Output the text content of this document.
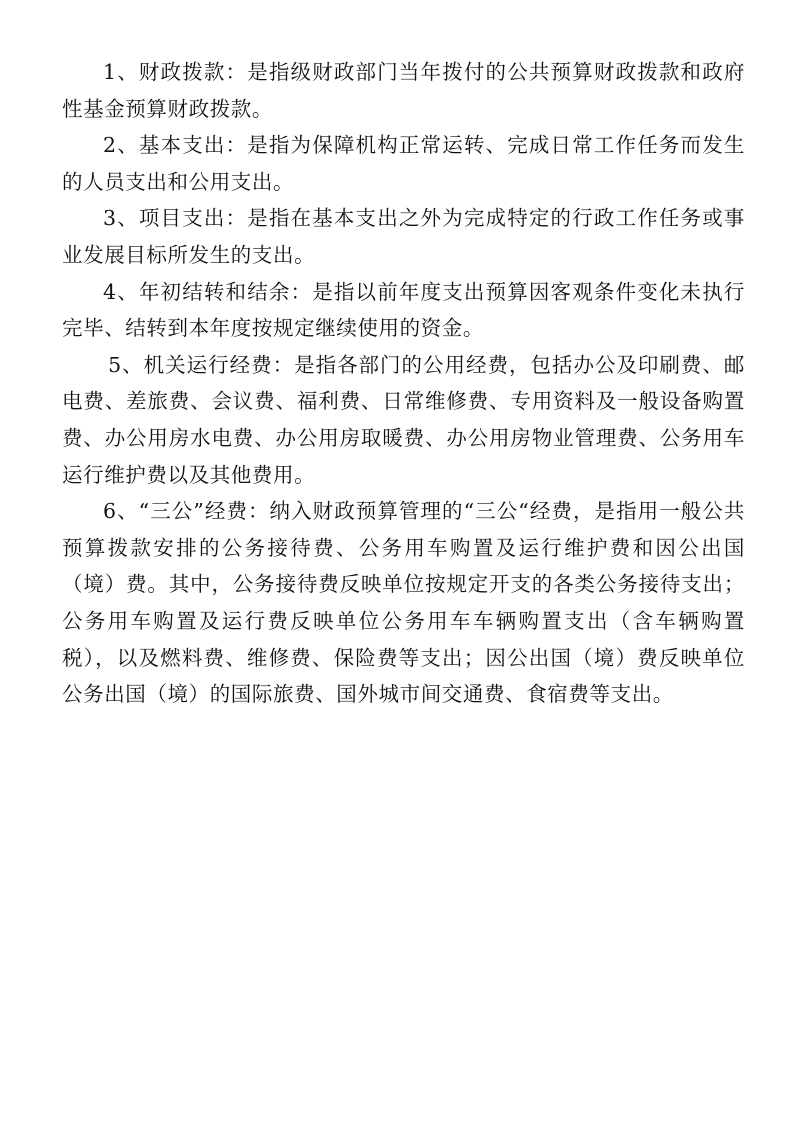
1、财政拨款：是指级财政部门当年拨付的公共预算财政拨款和政府性基金预算财政拨款。

2、基本支出：是指为保障机构正常运转、完成日常工作任务而发生的人员支出和公用支出。

3、项目支出：是指在基本支出之外为完成特定的行政工作任务或事业发展目标所发生的支出。

4、年初结转和结余：是指以前年度支出预算因客观条件变化未执行完毕、结转到本年度按规定继续使用的资金。

5、机关运行经费：是指各部门的公用经费，包括办公及印刷费、邮电费、差旅费、会议费、福利费、日常维修费、专用资料及一般设备购置费、办公用房水电费、办公用房取暖费、办公用房物业管理费、公务用车运行维护费以及其他费用。

6、“三公”经费：纳入财政预算管理的“三公“经费，是指用一般公共预算拨款安排的公务接待费、公务用车购置及运行维护费和因公出国（境）费。其中，公务接待费反映单位按规定开支的各类公务接待支出；公务用车购置及运行费反映单位公务用车车辆购置支出（含车辆购置税），以及燃料费、维修费、保险费等支出；因公出国（境）费反映单位公务出国（境）的国际旅费、国外城市间交通费、食宿费等支出。
